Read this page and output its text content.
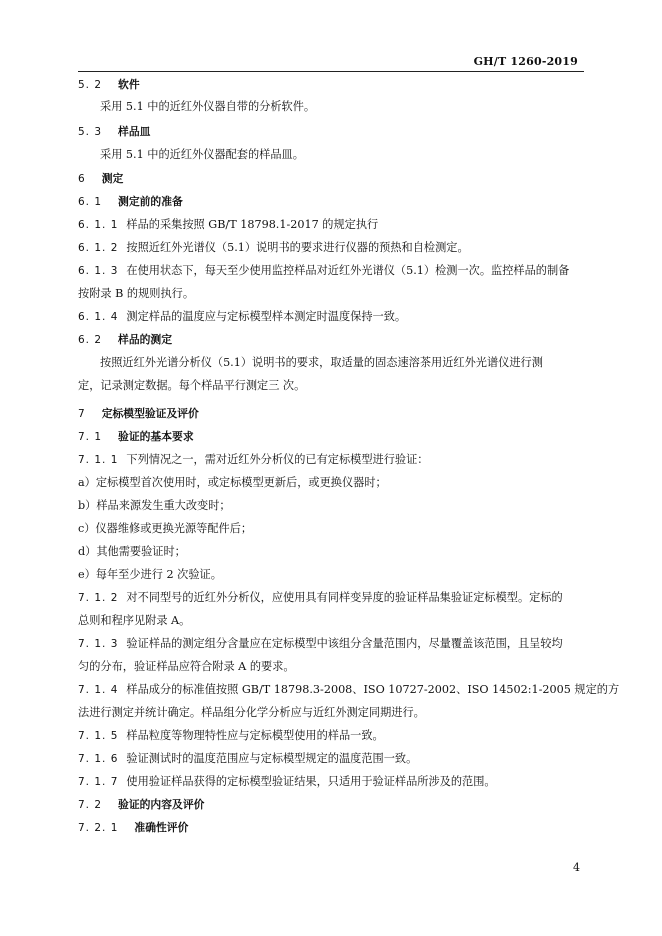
GH/T 1260-2019
5. 2 软件
采用 5.1 中的近红外仪器自带的分析软件。
5. 3 样品皿
采用 5.1 中的近红外仪器配套的样品皿。
6 测定
6. 1 测定前的准备
6. 1. 1 样品的采集按照 GB/T 18798.1-2017 的规定执行
6. 1. 2 按照近红外光谱仪（5.1）说明书的要求进行仪器的预热和自检测定。
6. 1. 3 在使用状态下，每天至少使用监控样品对近红外光谱仪（5.1）检测一次。监控样品的制备
按附录 B 的规则执行。
6. 1. 4 测定样品的温度应与定标模型样本测定时温度保持一致。
6. 2 样品的测定
按照近红外光谱分析仪（5.1）说明书的要求，取适量的固态速溶茶用近红外光谱仪进行测
定，记录测定数据。每个样品平行测定三 次。
7 定标模型验证及评价
7. 1 验证的基本要求
7. 1. 1 下列情况之一，需对近红外分析仪的已有定标模型进行验证：
a）定标模型首次使用时，或定标模型更新后，或更换仪器时；
b）样品来源发生重大改变时；
c）仪器维修或更换光源等配件后；
d）其他需要验证时；
e）每年至少进行 2 次验证。
7. 1. 2 对不同型号的近红外分析仪，应使用具有同样变异度的验证样品集验证定标模型。定标的
总则和程序见附录 A。
7. 1. 3 验证样品的测定组分含量应在定标模型中该组分含量范围内，尽量覆盖该范围，且呈较均
匀的分布，验证样品应符合附录 A 的要求。
7. 1. 4 样品成分的标准值按照 GB/T 18798.3-2008、ISO 10727-2002、ISO 14502:1-2005 规定的方
法进行测定并统计确定。样品组分化学分析应与近红外测定同期进行。
7. 1. 5 样品粒度等物理特性应与定标模型使用的样品一致。
7. 1. 6 验证测试时的温度范围应与定标模型规定的温度范围一致。
7. 1. 7 使用验证样品获得的定标模型验证结果，只适用于验证样品所涉及的范围。
7. 2 验证的内容及评价
7. 2. 1 准确性评价
4
